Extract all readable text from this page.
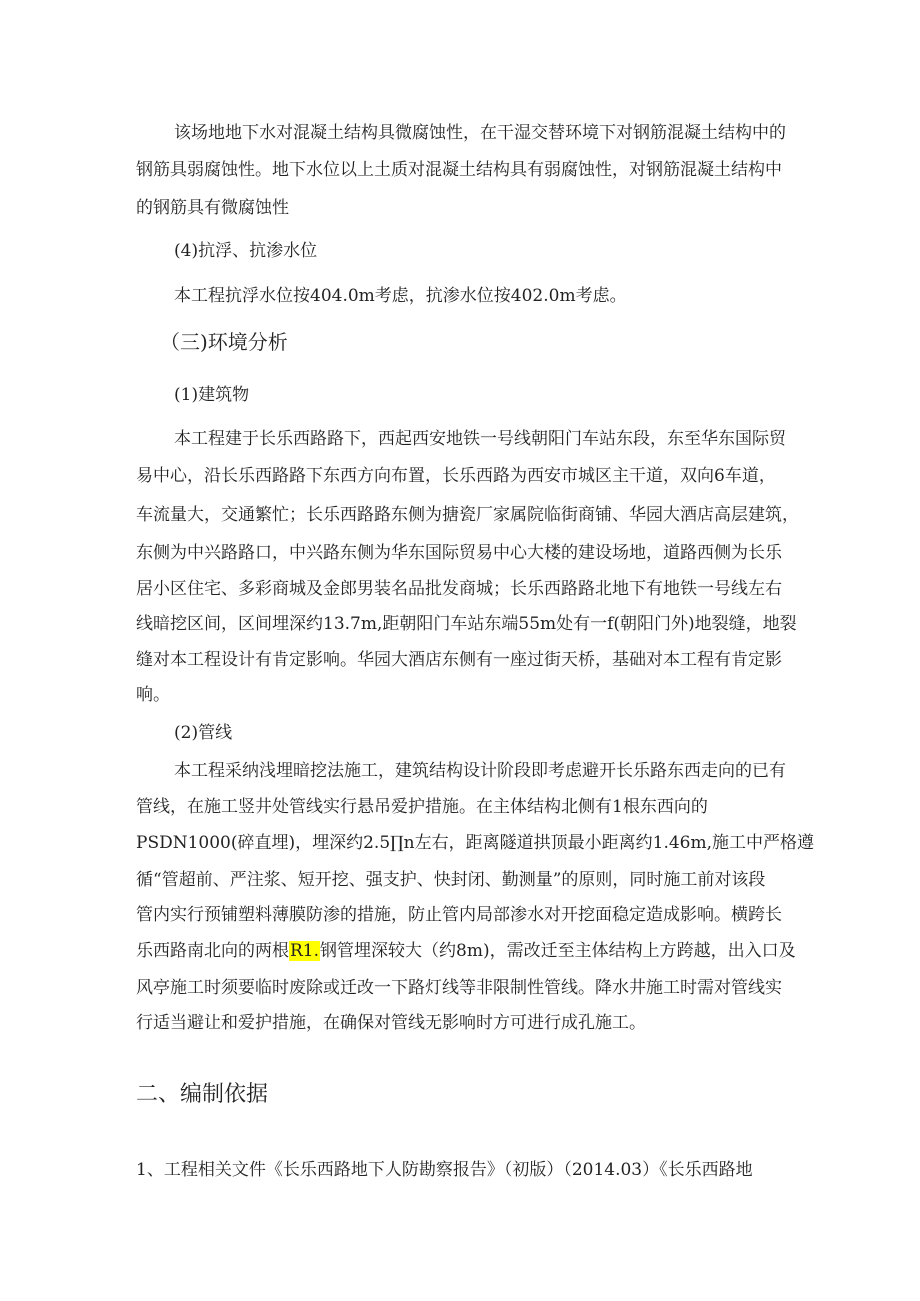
该场地地下水对混凝土结构具微腐蚀性，在干湿交替环境下对钢筋混凝土结构中的
钢筋具弱腐蚀性。地下水位以上土质对混凝土结构具有弱腐蚀性，对钢筋混凝土结构中
的钢筋具有微腐蚀性
(4)抗浮、抗渗水位
本工程抗浮水位按404.0m考虑，抗渗水位按402.0m考虑。
（三)环境分析
(1)建筑物
本工程建于长乐西路路下，西起西安地铁一号线朝阳门车站东段，东至华东国际贸
易中心，沿长乐西路路下东西方向布置，长乐西路为西安市城区主干道，双向6车道，
车流量大，交通繁忙；长乐西路路东侧为搪瓷厂家属院临街商铺、华园大酒店高层建筑，
东侧为中兴路路口，中兴路东侧为华东国际贸易中心大楼的建设场地，道路西侧为长乐
居小区住宅、多彩商城及金郎男装名品批发商城；长乐西路路北地下有地铁一号线左右
线暗挖区间，区间埋深约13.7m,距朝阳门车站东端55m处有一f(朝阳门外)地裂缝，地裂
缝对本工程设计有肯定影响。华园大酒店东侧有一座过街天桥，基础对本工程有肯定影
响。
(2)管线
本工程采纳浅埋暗挖法施工，建筑结构设计阶段即考虑避开长乐路东西走向的已有
管线，在施工竖井处管线实行悬吊爱护措施。在主体结构北侧有1根东西向的
PSDN1000(碎直埋)，埋深约2.5∏n左右，距离隧道拱顶最小距离约1.46m,施工中严格遵
循“管超前、严注浆、短开挖、强支护、快封闭、勤测量”的原则，同时施工前对该段
管内实行预铺塑料薄膜防渗的措施，防止管内局部渗水对开挖面稳定造成影响。横跨长
乐西路南北向的两根R1.钢管埋深较大（约8m)，需改迁至主体结构上方跨越，出入口及
风亭施工时须要临时废除或迁改一下路灯线等非限制性管线。降水井施工时需对管线实
行适当避让和爱护措施，在确保对管线无影响时方可进行成孔施工。
二、编制依据
1、工程相关文件《长乐西路地下人防勘察报告》（初版）（2014.03）《长乐西路地
